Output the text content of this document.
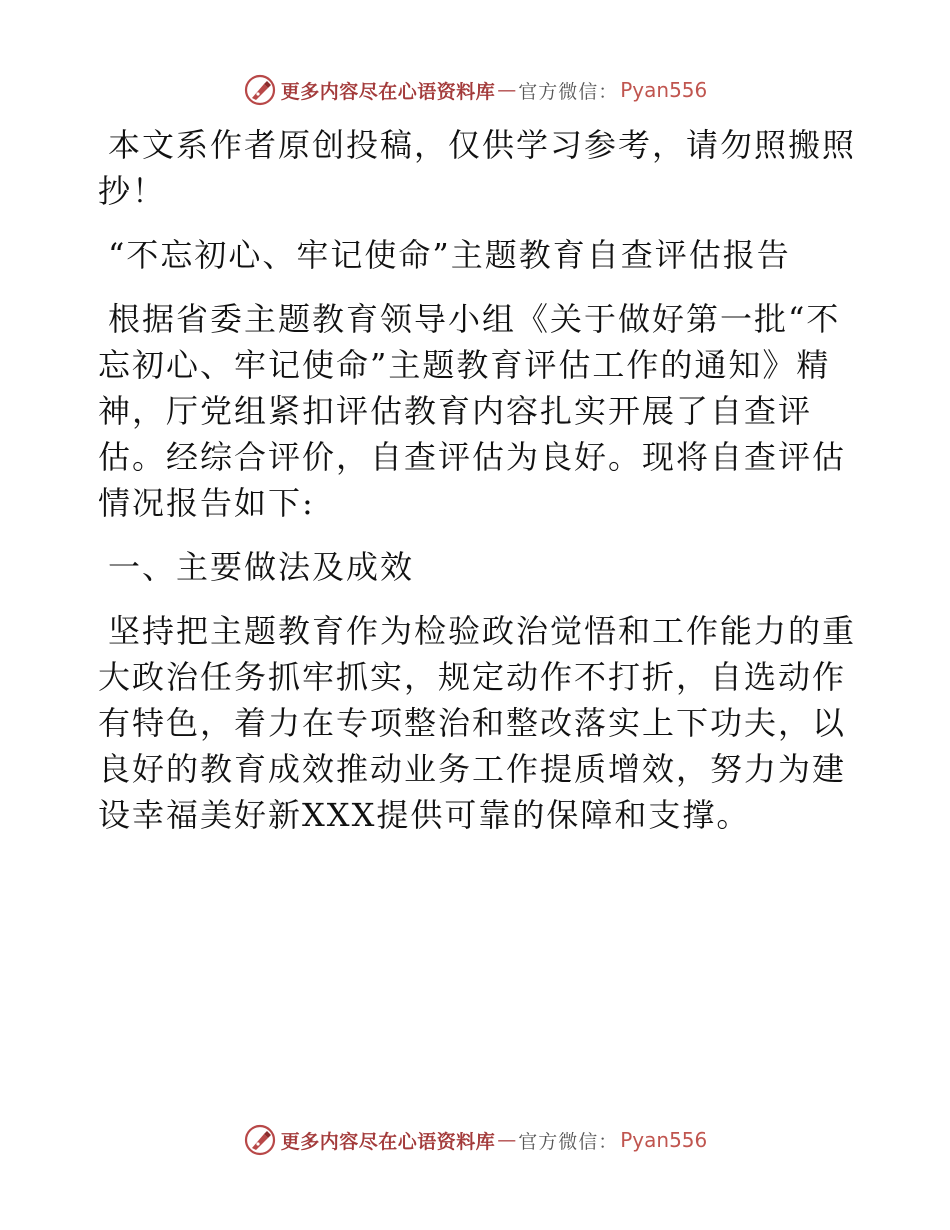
更多内容尽在心语资料库 — 官方微信： Pyan556

本文系作者原创投稿，仅供学习参考，请勿照搬照抄！

“不忘初心、牢记使命”主题教育自查评估报告

根据省委主题教育领导小组《关于做好第一批“不忘初心、牢记使命”主题教育评估工作的通知》精神，厅党组紧扣评估教育内容扎实开展了自查评估。经综合评价，自查评估为良好。现将自查评估情况报告如下:

一、主要做法及成效

坚持把主题教育作为检验政治觉悟和工作能力的重大政治任务抓牢抓实，规定动作不打折，自选动作有特色，着力在专项整治和整改落实上下功夫，以良好的教育成效推动业务工作提质增效，努力为建设幸福美好新XXX提供可靠的保障和支撑。

更多内容尽在心语资料库 — 官方微信： Pyan556
